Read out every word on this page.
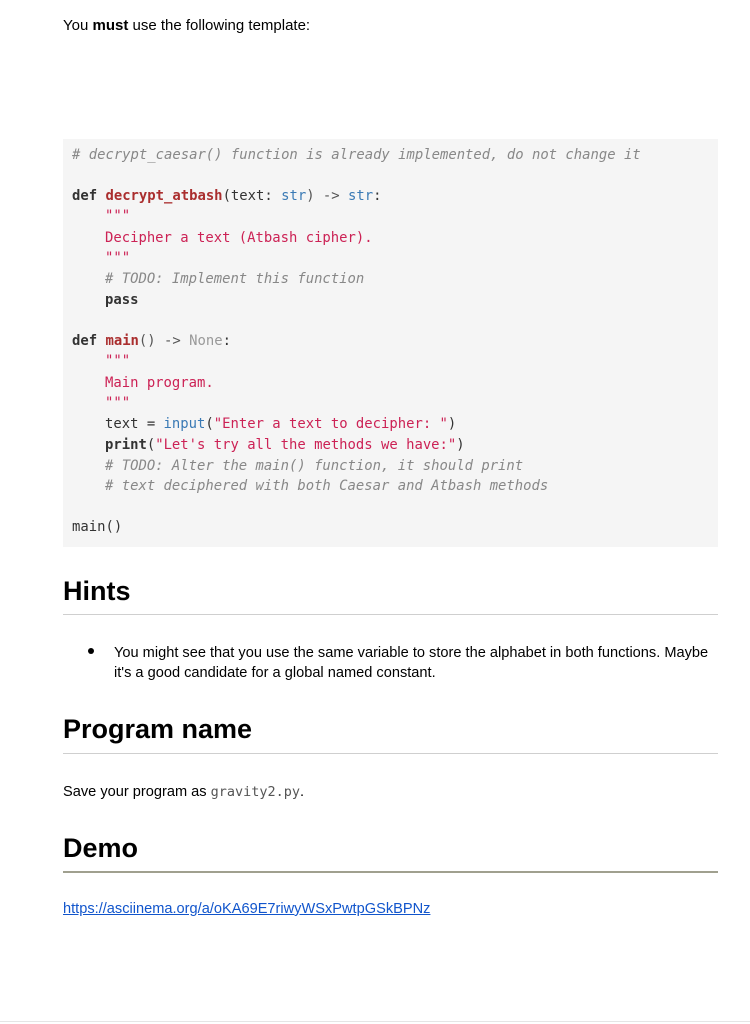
You must use the following template:
# decrypt_caesar() function is already implemented, do not change it
def decrypt_atbash(text: str) -> str:
"""
Decipher a text (Atbash cipher).
"""
# TODO: Implement this function
pass
def main() -> None:
"""
Main program.
"""
text = input("Enter a text to decipher: ")
print("Let's try all the methods we have:")
# TODO: Alter the main() function, it should print
# text deciphered with both Caesar and Atbash methods
main()
Hints
You might see that you use the same variable to store the alphabet in both functions. Maybe it's a good candidate for a global named constant.
Program name
Save your program as gravity2.py.
Demo
https://asciinema.org/a/oKA69E7riwyWSxPwtpGSkBPNz
